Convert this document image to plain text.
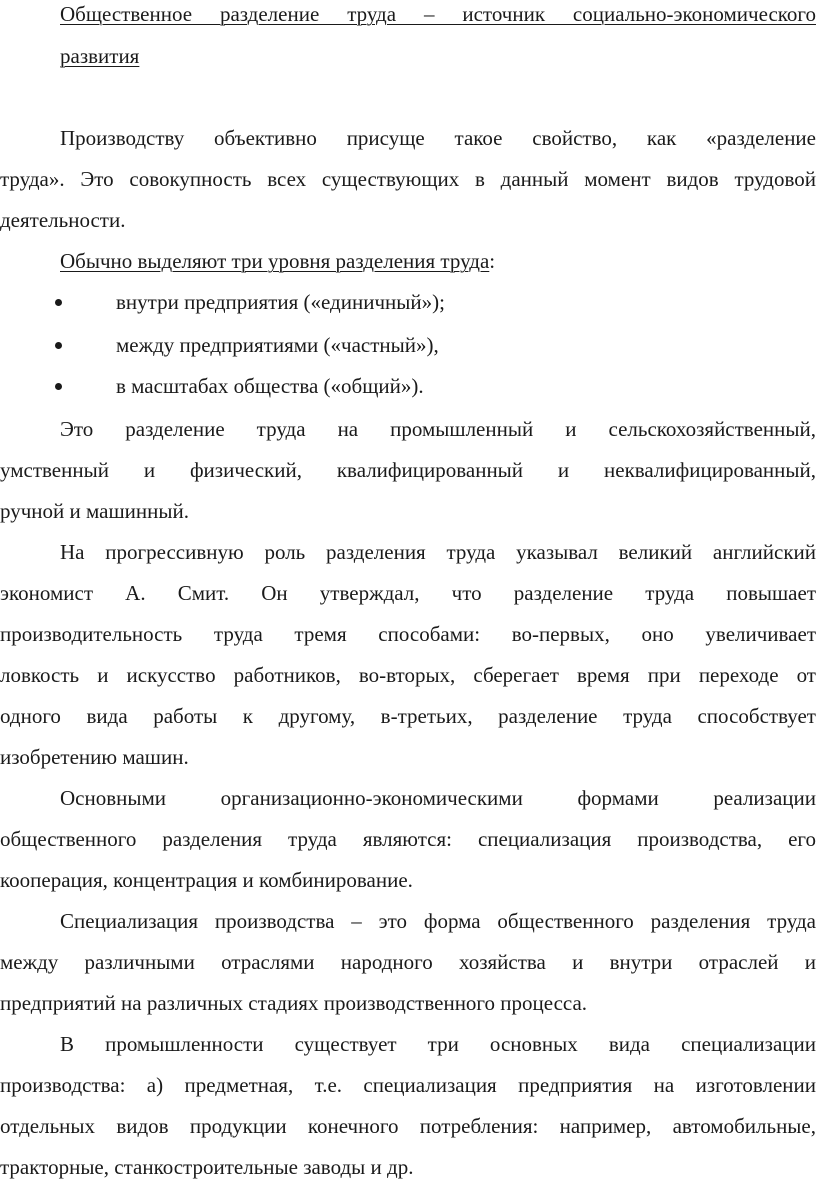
Общественное разделение труда – источник социально-экономического
развития
Производству объективно присуще такое свойство, как «разделение
труда». Это совокупность всех существующих в данный момент видов трудовой
деятельности.
Обычно выделяют три уровня разделения труда:
внутри предприятия («единичный»);
между предприятиями («частный»),
в масштабах общества («общий»).
Это разделение труда на промышленный и сельскохозяйственный,
умственный и физический, квалифицированный и неквалифицированный,
ручной и машинный.
На прогрессивную роль разделения труда указывал великий английский
экономист А. Смит. Он утверждал, что разделение труда повышает
производительность труда тремя способами: во-первых, оно увеличивает
ловкость и искусство работников, во-вторых, сберегает время при переходе от
одного вида работы к другому, в-третьих, разделение труда способствует
изобретению машин.
Основными организационно-экономическими формами реализации
общественного разделения труда являются: специализация производства, его
кооперация, концентрация и комбинирование.
Специализация производства – это форма общественного разделения труда
между различными отраслями народного хозяйства и внутри отраслей и
предприятий на различных стадиях производственного процесса.
В промышленности существует три основных вида специализации
производства: а) предметная, т.е. специализация предприятия на изготовлении
отдельных видов продукции конечного потребления: например, автомобильные,
тракторные, станкостроительные заводы и др.
